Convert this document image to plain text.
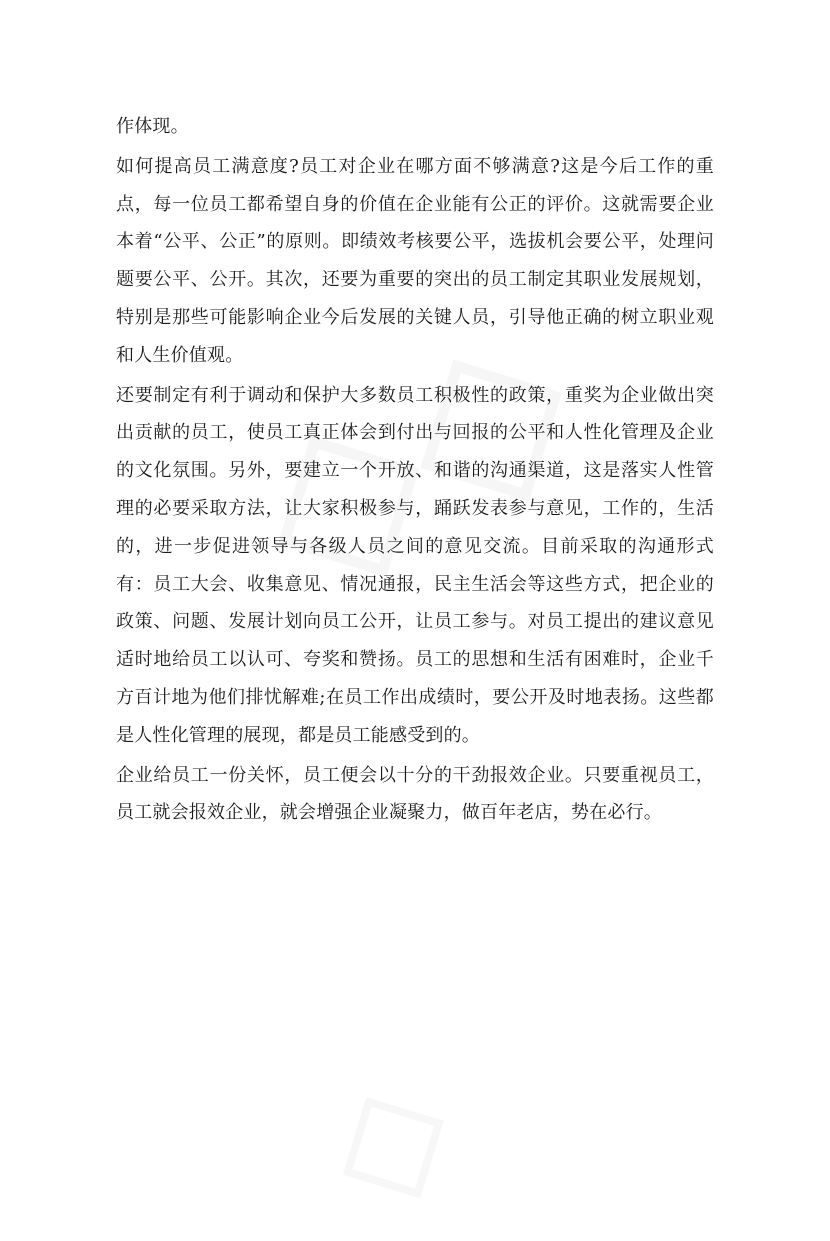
作体现。

如何提高员工满意度?员工对企业在哪方面不够满意?这是今后工作的重点，每一位员工都希望自身的价值在企业能有公正的评价。这就需要企业本着“公平、公正”的原则。即绩效考核要公平，选拔机会要公平，处理问题要公平、公开。其次，还要为重要的突出的员工制定其职业发展规划，特别是那些可能影响企业今后发展的关键人员，引导他正确的树立职业观和人生价值观。

还要制定有利于调动和保护大多数员工积极性的政策，重奖为企业做出突出贡献的员工，使员工真正体会到付出与回报的公平和人性化管理及企业的文化氛围。另外，要建立一个开放、和谐的沟通渠道，这是落实人性管理的必要采取方法，让大家积极参与，踊跃发表参与意见，工作的，生活的，进一步促进领导与各级人员之间的意见交流。目前采取的沟通形式有：员工大会、收集意见、情况通报，民主生活会等这些方式，把企业的政策、问题、发展计划向员工公开，让员工参与。对员工提出的建议意见适时地给员工以认可、夸奖和赞扬。员工的思想和生活有困难时，企业千方百计地为他们排忧解难;在员工作出成绩时，要公开及时地表扬。这些都是人性化管理的展现，都是员工能感受到的。

企业给员工一份关怀，员工便会以十分的干劲报效企业。只要重视员工，员工就会报效企业，就会增强企业凝聚力，做百年老店，势在必行。
